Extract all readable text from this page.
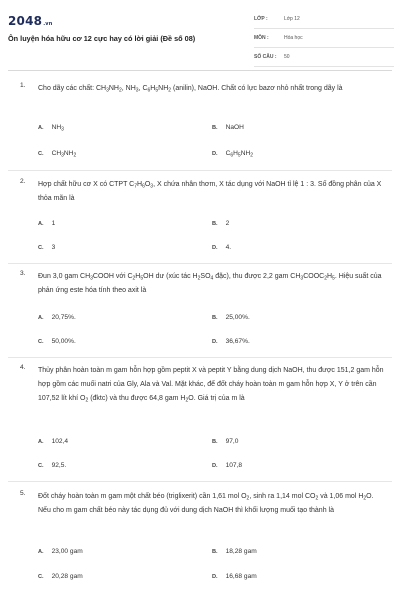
2048.vn
Ôn luyện hóa hữu cơ 12 cực hay có lời giải (Đề số 08)
LỚP :	Lớp 12
MÔN :	Hóa học
SỐ CÂU : 50
1. Cho dãy các chất: $CH_3NH_2$, $NH_3$, $C_6H_5NH_2$ (anilin), NaOH. Chất có lực bazơ nhỏ nhất trong dãy là
A. $NH_3$	B. NaOH
C. $CH_3NH_2$	D. $C_6H_5NH_2$
2. Hợp chất hữu cơ X có CTPT $C_7H_6O_3$, X chứa nhân thơm, X tác dụng với NaOH tỉ lệ 1 : 3. Số đồng phân của X thỏa mãn là
A. 1	B. 2
C. 3	D. 4.
3. Đun 3,0 gam $CH_3COOH$ với $C_2H_5OH$ dư (xúc tác $H_2SO_4$ đặc), thu được 2,2 gam $CH_3COOC_2H_5$. Hiệu suất của phản ứng este hóa tính theo axit là
A. 20,75%.	B. 25,00%.
C. 50,00%.	D. 36,67%.
4. Thủy phân hoàn toàn m gam hỗn hợp gồm peptit X và peptit Y bằng dung dịch NaOH, thu được 151,2 gam hỗn hợp gồm các muối natri của Gly, Ala và Val. Mặt khác, để đốt cháy hoàn toàn m gam hỗn hợp X, Y ở trên cần 107,52 lít khí $O_2$ (đktc) và thu được 64,8 gam $H_2O$. Giá trị của m là
A. 102,4	B. 97,0
C. 92,5.	D. 107,8
5. Đốt cháy hoàn toàn m gam một chất béo (triglixerit) cần 1,61 mol $O_2$, sinh ra 1,14 mol $CO_2$ và 1,06 mol $H_2O$. Nếu cho m gam chất béo này tác dụng đủ với dung dịch NaOH thì khối lượng muối tạo thành là
A. 23,00 gam	B. 18,28 gam
C. 20,28 gam	D. 16,68 gam
